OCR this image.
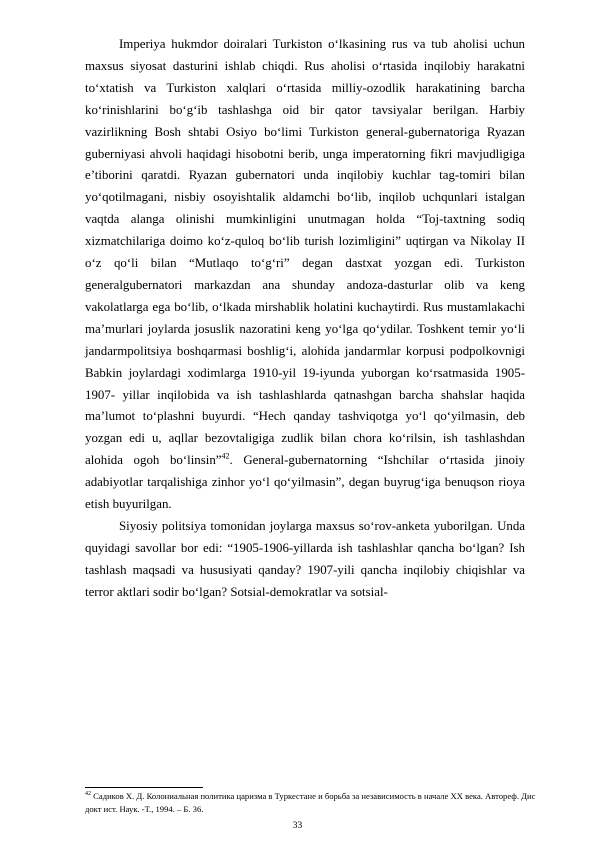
Imperiya hukmdor doiralari Turkiston o‘lkasining rus va tub aholisi uchun maxsus siyosat dasturini ishlab chiqdi. Rus aholisi o‘rtasida inqilobiy harakatni to‘xtatish va Turkiston xalqlari o‘rtasida milliy-ozodlik harakatining barcha ko‘rinishlarini bo‘g‘ib tashlashga oid bir qator tavsiyalar berilgan. Harbiy vazirlikning Bosh shtabi Osiyo bo‘limi Turkiston general-gubernatoriga Ryazan guberniyasi ahvoli haqidagi hisobotni berib, unga imperatorning fikri mavjudligiga e’tiborini qaratdi. Ryazan gubernatori unda inqilobiy kuchlar tag-tomiri bilan yo‘qotilmagani, nisbiy osoyishtalik aldamchi bo‘lib, inqilob uchqunlari istalgan vaqtda alanga olinishi mumkinligini unutmagan holda “Toj-taxtning sodiq xizmatchilariga doimo ko‘z-quloq bo‘lib turish lozimligini” uqtirgan va Nikolay II o‘z qo‘li bilan “Mutlaqo to‘g‘ri” degan dastxat yozgan edi. Turkiston generalgubernatori markazdan ana shunday andoza-dasturlar olib va keng vakolatlarga ega bo‘lib, o‘lkada mirshablik holatini kuchaytirdi. Rus mustamlakachi ma’murlari joylarda josuslik nazoratini keng yo‘lga qo‘ydilar. Toshkent temir yo‘li jandarmpolitsiya boshqarmasi boshlig‘i, alohida jandarmlar korpusi podpolkovnigi Babkin joylardagi xodimlarga 1910-yil 19-iyunda yuborgan ko‘rsatmasida 1905-1907- yillar inqilobida va ish tashlashlarda qatnashgan barcha shahslar haqida ma’lumot to‘plashni buyurdi. “Hech qanday tashviqotga yo‘l qo‘yilmasin, deb yozgan edi u, aqllar bezovtaligiga zudlik bilan chora ko‘rilsin, ish tashlashdan alohida ogoh bo‘linsin”$^{42}$. General-gubernatorning “Ishchilar o‘rtasida jinoiy adabiyotlar tarqalishiga zinhor yo‘l qo‘yilmasin”, degan buyrug‘iga benuqson rioya etish buyurilgan.

Siyosiy politsiya tomonidan joylarga maxsus so‘rov-anketa yuborilgan. Unda quyidagi savollar bor edi: “1905-1906-yillarda ish tashlashlar qancha bo‘lgan? Ish tashlash maqsadi va hususiyati qanday? 1907-yili qancha inqilobiy chiqishlar va terror aktlari sodir bo‘lgan? Sotsial-demokratlar va sotsial-

$^{42}$ Садиков Х. Д. Колониальная политика царизма в Туркестане и борьба за независимость в начале XX века. Автореф. Дис докт ист. Наук. -Т., 1994. – Б. 36.
33
